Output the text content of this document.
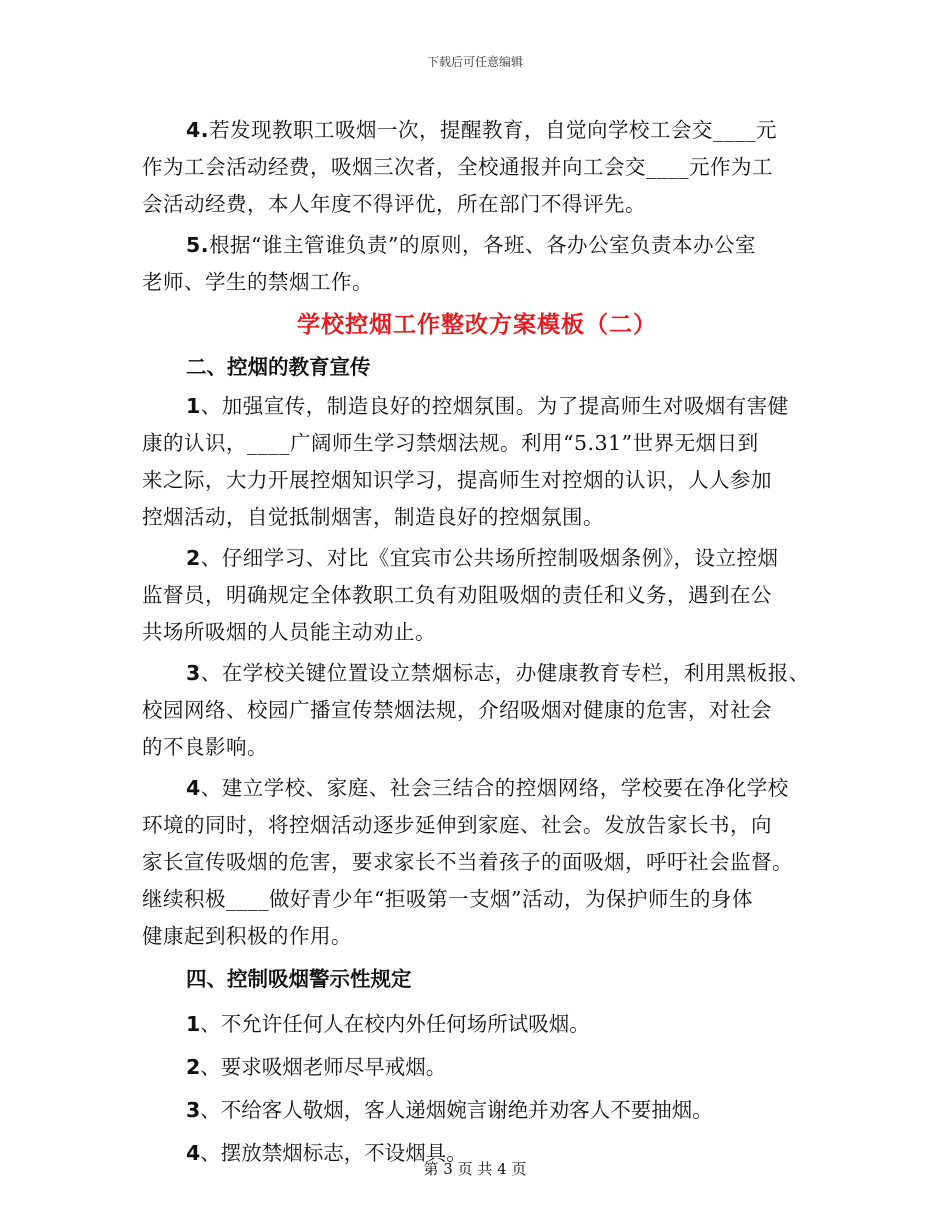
下载后可任意编辑
4.若发现教职工吸烟一次，提醒教育，自觉向学校工会交____元
作为工会活动经费，吸烟三次者，全校通报并向工会交____元作为工
会活动经费，本人年度不得评优，所在部门不得评先。
5.根据“谁主管谁负责”的原则，各班、各办公室负责本办公室
老师、学生的禁烟工作。
学校控烟工作整改方案模板（二）
二、控烟的教育宣传
1、加强宣传，制造良好的控烟氛围。为了提高师生对吸烟有害健
康的认识，____广阔师生学习禁烟法规。利用“5.31”世界无烟日到
来之际，大力开展控烟知识学习，提高师生对控烟的认识，人人参加
控烟活动，自觉抵制烟害，制造良好的控烟氛围。
2、仔细学习、对比《宜宾市公共场所控制吸烟条例》，设立控烟
监督员，明确规定全体教职工负有劝阻吸烟的责任和义务，遇到在公
共场所吸烟的人员能主动劝止。
3、在学校关键位置设立禁烟标志，办健康教育专栏，利用黑板报、
校园网络、校园广播宣传禁烟法规，介绍吸烟对健康的危害，对社会
的不良影响。
4、建立学校、家庭、社会三结合的控烟网络，学校要在净化学校
环境的同时，将控烟活动逐步延伸到家庭、社会。发放告家长书，向
家长宣传吸烟的危害，要求家长不当着孩子的面吸烟，呼吁社会监督。
继续积极____做好青少年“拒吸第一支烟”活动，为保护师生的身体
健康起到积极的作用。
四、控制吸烟警示性规定
1、不允许任何人在校内外任何场所试吸烟。
2、要求吸烟老师尽早戒烟。
3、不给客人敬烟，客人递烟婉言谢绝并劝客人不要抽烟。
4、摆放禁烟标志，不设烟具。
第 3 页 共 4 页
